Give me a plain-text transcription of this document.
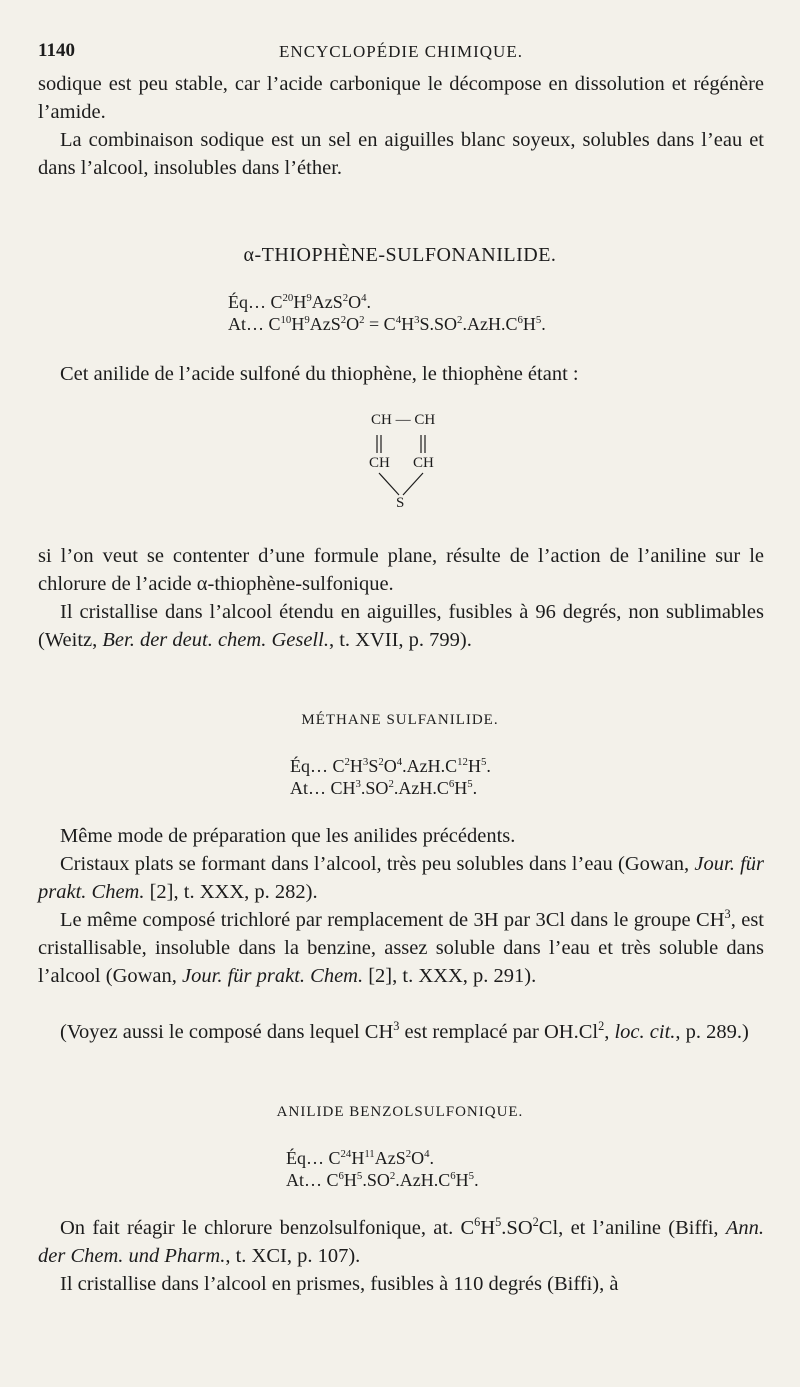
1140	ENCYCLOPÉDIE CHIMIQUE.

sodique est peu stable, car l’acide carbonique le décompose en dissolution et régénère l’amide.

La combinaison sodique est un sel en aiguilles blanc soyeux, solubles dans l’eau et dans l’alcool, insolubles dans l’éther.

α-THIOPHÈNE-SULFONANILIDE.
Éq… $C^{20}H^9AzS^2O^4$.
At… $C^{10}H^9AzS^2O^2 = C^4H^3S.SO^2.AzH.C^6H^5$.

Cet anilide de l’acide sulfoné du thiophène, le thiophène étant :

CH — CH
CH CH
S

si l’on veut se contenter d’une formule plane, résulte de l’action de l’aniline sur le chlorure de l’acide α-thiophène-sulfonique.

Il cristallise dans l’alcool étendu en aiguilles, fusibles à 96 degrés, non sublimables (Weitz, Ber. der deut. chem. Gesell., t. XVII, p. 799).

MÉTHANE SULFANILIDE.
Éq… $C^2H^3S^2O^4.AzH.C^{12}H^5$.
At… $CH^3.SO^2.AzH.C^6H^5$.

Même mode de préparation que les anilides précédents.

Cristaux plats se formant dans l’alcool, très peu solubles dans l’eau (Gowan, Jour. für prakt. Chem. [2], t. XXX, p. 282).

Le même composé trichloré par remplacement de 3H par 3Cl dans le groupe $CH^3$, est cristallisable, insoluble dans la benzine, assez soluble dans l’eau et très soluble dans l’alcool (Gowan, Jour. für prakt. Chem. [2], t. XXX, p. 291).

(Voyez aussi le composé dans lequel $CH^3$ est remplacé par OH.Cl$^2$, loc. cit., p. 289.)

ANILIDE BENZOLSULFONIQUE.
Éq… $C^{24}H^{11}AzS^2O^4$.
At… $C^6H^5.SO^2.AzH.C^6H^5$.

On fait réagir le chlorure benzolsulfonique, at. $C^6H^5.SO^2Cl$, et l’aniline (Biffi, Ann. der Chem. und Pharm., t. XCI, p. 107).

Il cristallise dans l’alcool en prismes, fusibles à 110 degrés (Biffi), à
